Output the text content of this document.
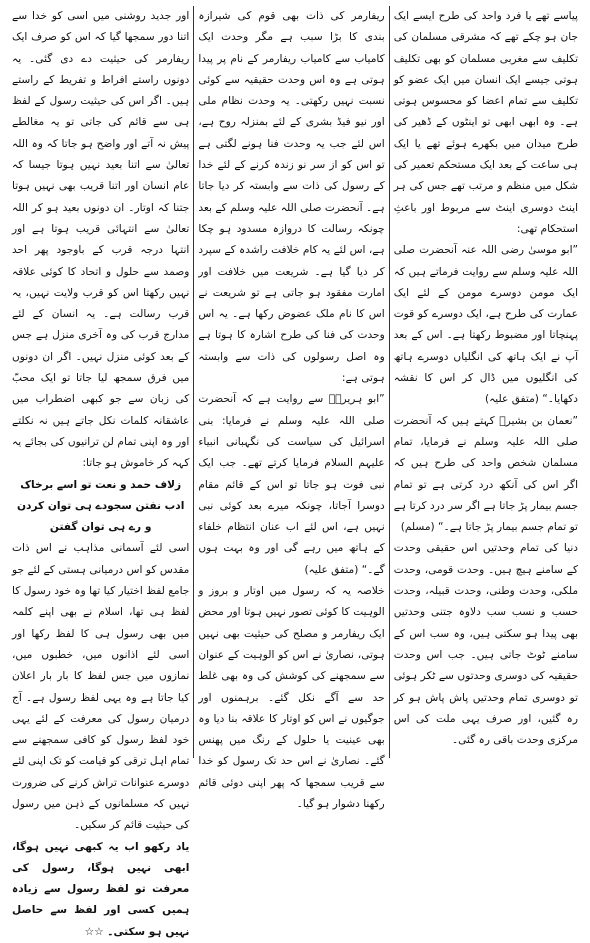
اور جدید روشنی میں اسی کو خدا سے اتنا دور سمجھا گیا کہ اس کو صرف ایک ریفارمر کی حیثیت دے دی گئی۔ یہ دونوں راستے افراط و تفریط کے راستے ہیں۔ اگر اس کی حیثیت رسول کے لفظ ہی سے قائم کی جاتی تو یہ مغالطے پیش نہ آتے اور واضح ہو جاتا کہ وہ اللہ تعالیٰ سے اتنا بعید نہیں ہوتا جیسا کہ عام انسان اور اتنا قریب بھی نہیں ہوتا جتنا کہ اوتار۔ ان دونوں بعید ہو کر اللہ تعالیٰ سے انتہائی قریب ہوتا ہے اور انتہا درجہ قرب کے باوجود پھر احد وصمد سے حلول و اتحاد کا کوئی علاقہ نہیں رکھتا اس کو قرب ولایت نہیں، یہ قرب رسالت ہے۔ یہ انسان کے لئے مدارج قرب کی وہ آخری منزل ہے جس کے بعد کوئی منزل نہیں۔ اگر ان دونوں میں فرق سمجھ لیا جاتا تو ایک محبّ کی زبان سے جو کبھی اضطراب میں عاشقانہ کلمات نکل جاتے ہیں نہ نکلتے اور وہ اپنی تمام لن ترانیوں کی بجائے یہ کہہ کر خاموش ہو جاتا:

زلاف حمد و نعت تو اسے برخاک ادب نفتن سجودے ہی توان کردن و رے ہی توان گفتن

اسی لئے آسمانی مذاہب نے اس ذات مقدس کو اس درمیانی ہستی کے لئے جو جامع لفظ اختیار کیا تھا وہ خود رسول کا لفظ ہی تھا، اسلام نے بھی اپنے کلمہ میں بھی رسول ہی کا لفظ رکھا اور اسی لئے اذانوں میں، خطبوں میں، نمازوں میں جس لفظ کا بار بار اعلان کیا جاتا ہے وہ یہی لفظ رسول ہے۔ آج درمیان رسول کی معرفت کے لئے یہی خود لفظ رسول کو کافی سمجھنے سے تمام اہل ترقی کو قیامت کو تک اپنی لئے دوسرے عنوانات تراش کرنے کی ضرورت نہیں کہ مسلمانوں کے ذہن میں رسول کی حیثیت قائم کر سکیں۔

یاد رکھو اب یہ کبھی نہیں ہوگا، ابھی نہیں ہوگا، رسول کی معرفت تو لفظ رسول سے زیادہ ہمیں کسی اور لفظ سے حاصل نہیں ہو سکتی۔ ☆☆

ریفارمر کی ذات بھی قوم کی شیرازہ بندی کا بڑا سبب ہے مگر وحدت ایک کامیاب سے کامیاب ریفارمر کے نام پر پیدا ہوتی ہے وہ اس وحدت حقیقیہ سے کوئی نسبت نہیں رکھتی۔ یہ وحدت نظام ملی اور نیو فیڈ بشری کے لئے بمنزلہ روح ہے، اس لئے جب یہ وحدت فنا ہونے لگتی ہے تو اس کو از سر نو زندہ کرنے کے لئے خدا کے رسول کی ذات سے وابستہ کر دیا جاتا ہے۔ آنحضرت صلی اللہ علیہ وسلم کے بعد چونکہ رسالت کا دروازہ مسدود ہو چکا ہے، اس لئے یہ کام خلافت راشدہ کے سپرد کر دیا گیا ہے۔ شریعت میں خلافت اور امارت مفقود ہو جاتی ہے تو شریعت نے اس کا نام ملک عضوض رکھا ہے۔ یہ اس وحدت کی فنا کی طرح اشارہ کا ہوتا ہے وہ اصل رسولوں کی ذات سے وابستہ ہوتی ہے:

”ابو ہریرہؓ سے روایت ہے کہ آنحضرت صلی اللہ علیہ وسلم نے فرمایا: بنی اسرائیل کی سیاست کی نگہبانی انبیاء علیہم السلام فرمایا کرتے تھے۔ جب ایک نبی فوت ہو جاتا تو اس کے قائم مقام دوسرا آجاتا، چونکہ میرے بعد کوئی نبی نہیں ہے، اس لئے اب عنان انتظام خلفاء کے ہاتھ میں رہے گی اور وہ بہت ہوں گے۔“ (متفق علیہ)

خلاصہ یہ کہ رسول میں اوتار و بروز و الوہیت کا کوئی تصور نہیں ہوتا اور محض ایک ریفارمر و مصلح کی حیثیت بھی نہیں ہوتی، نصاریٰ نے اس کو الوہیت کے عنوان سے سمجھنے کی کوشش کی وہ بھی غلط حد سے آگے نکل گئے۔ برہمنوں اور جوگیوں نے اس کو اوتار کا علاقہ بنا دیا وہ بھی عینیت یا حلول کے رنگ میں پھنس گئے۔ نصاریٰ نے اس حد تک رسول کو خدا سے قریب سمجھا کہ پھر اپنی دوئی قائم رکھنا دشوار ہو گیا۔

پیاسے تھے یا فرد واحد کی طرح ایسے ایک جان ہو چکے تھے کہ مشرقی مسلمان کی تکلیف سے مغربی مسلمان کو بھی تکلیف ہوتی جیسے ایک انسان میں ایک عضو کو تکلیف سے تمام اعضا کو محسوس ہوتی ہے۔ وہ ابھی ابھی تو اینٹوں کے ڈھیر کی طرح میدان میں بکھرے ہوئے تھے یا ایک ہی ساعت کے بعد ایک مستحکم تعمیر کی شکل میں منظم و مرتب تھے جس کی ہر اینٹ دوسری اینٹ سے مربوط اور باعثِ استحکام تھی:

”ابو موسیٰ رضی اللہ عنہ آنحضرت صلی اللہ علیہ وسلم سے روایت فرماتے ہیں کہ ایک مومن دوسرے مومن کے لئے ایک عمارت کی طرح ہے، ایک دوسرے کو قوت پہنچاتا اور مضبوط رکھتا ہے۔ اس کے بعد آپ نے ایک ہاتھ کی انگلیاں دوسرے ہاتھ کی انگلیوں میں ڈال کر اس کا نقشہ دکھایا۔“ (متفق علیہ)

”نعمان بن بشیرؓ کہتے ہیں کہ آنحضرت صلی اللہ علیہ وسلم نے فرمایا، تمام مسلمان شخص واحد کی طرح ہیں کہ اگر اس کی آنکھ درد کرتی ہے تو تمام جسم بیمار پڑ جاتا ہے اگر سر درد کرتا ہے تو تمام جسم بیمار پڑ جاتا ہے۔“ (مسلم)

دنیا کی تمام وحدتیں اس حقیقی وحدت کے سامنے ہیچ ہیں۔ وحدت قومی، وحدت ملکی، وحدت وطنی، وحدت قبیلہ، وحدت حسب و نسب سب دلاوہ جتنی وحدتیں بھی پیدا ہو سکتی ہیں، وہ سب اس کے سامنے ٹوٹ جاتی ہیں۔ جب اس وحدت حقیقیہ کی دوسری وحدتوں سے ٹکر ہوئی تو دوسری تمام وحدتیں پاش پاش ہو کر رہ گئیں، اور صرف یہی ملت کی اس مرکزی وحدت باقی رہ گئی۔
